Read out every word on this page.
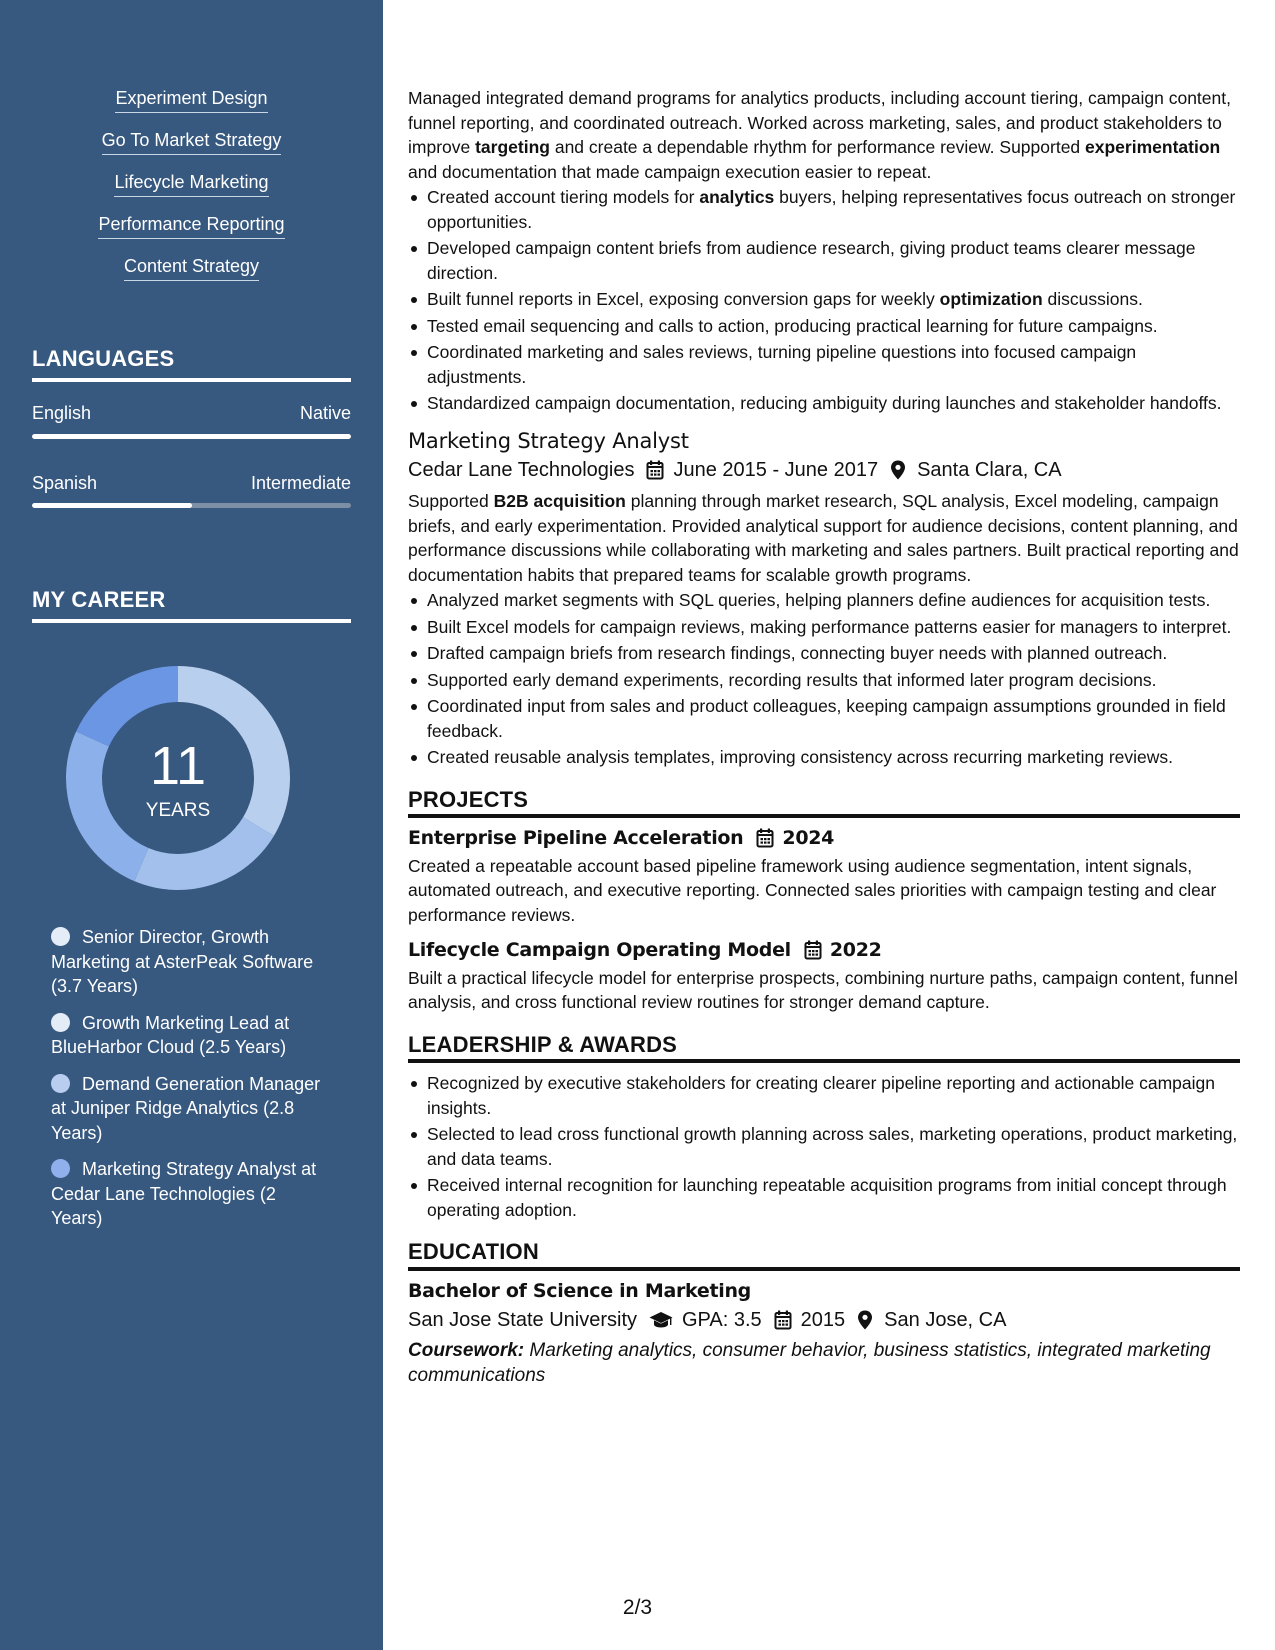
Experiment Design
Go To Market Strategy
Lifecycle Marketing
Performance Reporting
Content Strategy
LANGUAGES
English	Native
Spanish	Intermediate
MY CAREER
11
YEARS
Senior Director, Growth Marketing at AsterPeak Software (3.7 Years)
Growth Marketing Lead at BlueHarbor Cloud (2.5 Years)
Demand Generation Manager at Juniper Ridge Analytics (2.8 Years)
Marketing Strategy Analyst at Cedar Lane Technologies (2 Years)
Managed integrated demand programs for analytics products, including account tiering, campaign content, funnel reporting, and coordinated outreach. Worked across marketing, sales, and product stakeholders to improve targeting and create a dependable rhythm for performance review. Supported experimentation and documentation that made campaign execution easier to repeat.
Created account tiering models for analytics buyers, helping representatives focus outreach on stronger opportunities.
Developed campaign content briefs from audience research, giving product teams clearer message direction.
Built funnel reports in Excel, exposing conversion gaps for weekly optimization discussions.
Tested email sequencing and calls to action, producing practical learning for future campaigns.
Coordinated marketing and sales reviews, turning pipeline questions into focused campaign adjustments.
Standardized campaign documentation, reducing ambiguity during launches and stakeholder handoffs.
Marketing Strategy Analyst
Cedar Lane Technologies June 2015 - June 2017 Santa Clara, CA
Supported B2B acquisition planning through market research, SQL analysis, Excel modeling, campaign briefs, and early experimentation. Provided analytical support for audience decisions, content planning, and performance discussions while collaborating with marketing and sales partners. Built practical reporting and documentation habits that prepared teams for scalable growth programs.
Analyzed market segments with SQL queries, helping planners define audiences for acquisition tests.
Built Excel models for campaign reviews, making performance patterns easier for managers to interpret.
Drafted campaign briefs from research findings, connecting buyer needs with planned outreach.
Supported early demand experiments, recording results that informed later program decisions.
Coordinated input from sales and product colleagues, keeping campaign assumptions grounded in field feedback.
Created reusable analysis templates, improving consistency across recurring marketing reviews.
PROJECTS
Enterprise Pipeline Acceleration 2024
Created a repeatable account based pipeline framework using audience segmentation, intent signals, automated outreach, and executive reporting. Connected sales priorities with campaign testing and clear performance reviews.
Lifecycle Campaign Operating Model 2022
Built a practical lifecycle model for enterprise prospects, combining nurture paths, campaign content, funnel analysis, and cross functional review routines for stronger demand capture.
LEADERSHIP & AWARDS
Recognized by executive stakeholders for creating clearer pipeline reporting and actionable campaign insights.
Selected to lead cross functional growth planning across sales, marketing operations, product marketing, and data teams.
Received internal recognition for launching repeatable acquisition programs from initial concept through operating adoption.
EDUCATION
Bachelor of Science in Marketing
San Jose State University GPA: 3.5 2015 San Jose, CA
Coursework: Marketing analytics, consumer behavior, business statistics, integrated marketing communications
2/3
